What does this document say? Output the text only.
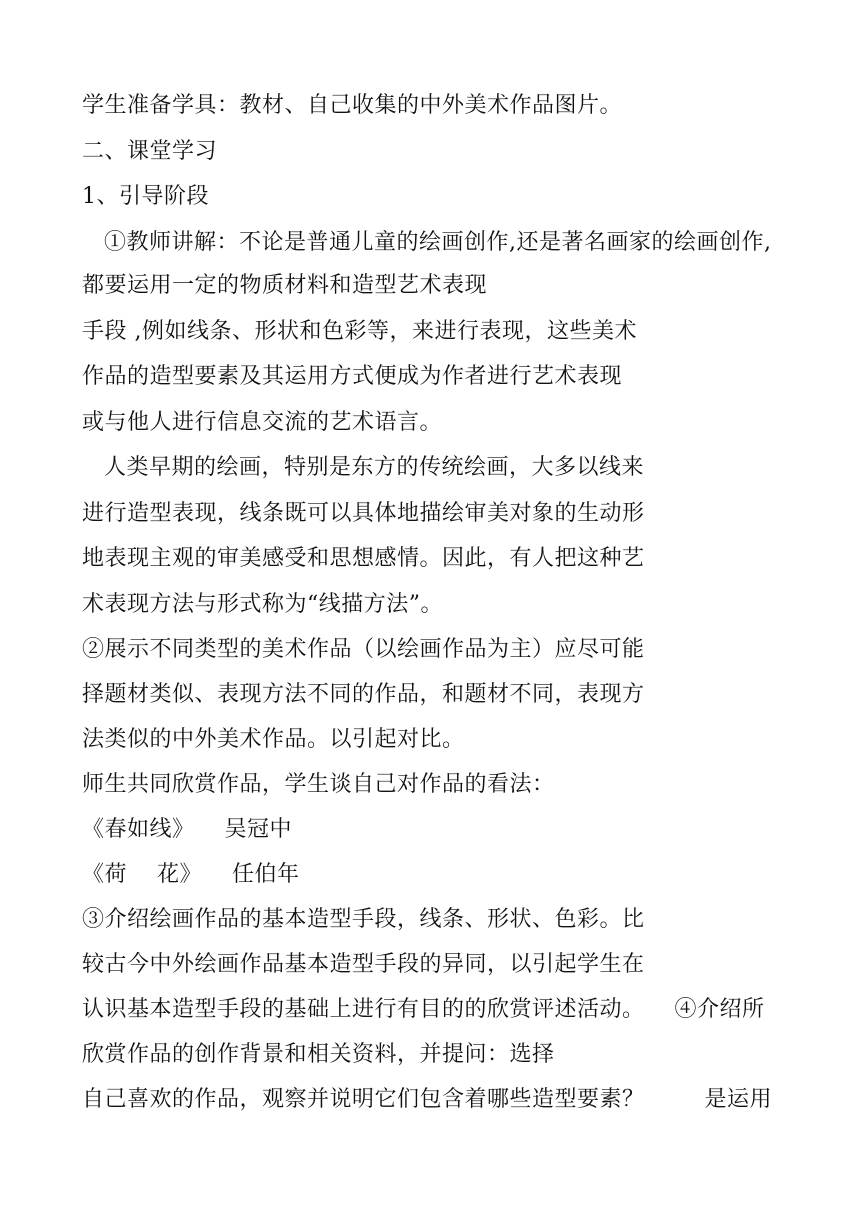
学生准备学具：教材、自己收集的中外美术作品图片。
二、课堂学习
1、引导阶段
①教师讲解：不论是普通儿童的绘画创作,还是著名画家的绘画创作,
都要运用一定的物质材料和造型艺术表现
手段 ,例如线条、形状和色彩等，来进行表现，这些美术
作品的造型要素及其运用方式便成为作者进行艺术表现
或与他人进行信息交流的艺术语言。
人类早期的绘画，特别是东方的传统绘画，大多以线来
进行造型表现，线条既可以具体地描绘审美对象的生动形
地表现主观的审美感受和思想感情。因此，有人把这种艺
术表现方法与形式称为“线描方法”。
②展示不同类型的美术作品（以绘画作品为主）应尽可能
择题材类似、表现方法不同的作品，和题材不同，表现方
法类似的中外美术作品。以引起对比。
师生共同欣赏作品，学生谈自己对作品的看法：
《春如线》    吴冠中
《荷    花》    任伯年
③介绍绘画作品的基本造型手段，线条、形状、色彩。比
较古今中外绘画作品基本造型手段的异同，以引起学生在
认识基本造型手段的基础上进行有目的的欣赏评述活动。    ④介绍所
欣赏作品的创作背景和相关资料，并提问：选择
自己喜欢的作品，观察并说明它们包含着哪些造型要素？        是运用
